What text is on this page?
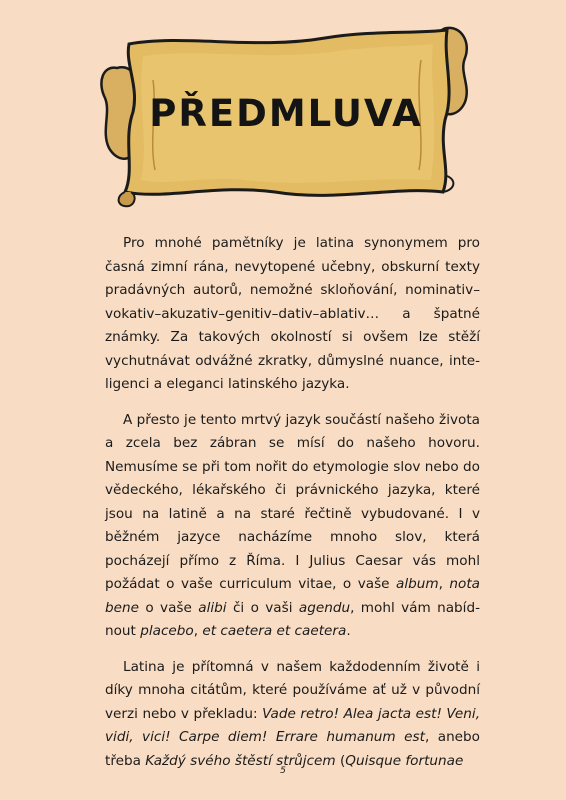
PŘEDMLUVA

Pro mnohé pamětníky je latina synonymem pro časná zimní rána, nevytopené učebny, obskurní texty pradávných autorů, nemožné skloňování, nominativ–vokativ–akuzativ–genitiv–dativ–ablativ… a špatné známky. Za takových okolností si ovšem lze stěží vychutnávat odvážné zkratky, důmyslné nuance, inteligenci a eleganci latinského jazyka.

A přesto je tento mrtvý jazyk součástí našeho života a zcela bez zábran se mísí do našeho hovoru. Nemusíme se při tom nořit do etymologie slov nebo do vědeckého, lékařského či právnického jazyka, které jsou na latině a na staré řečtině vybudované. I v běžném jazyce nacházíme mnoho slov, která pocházejí přímo z Říma. I Julius Caesar vás mohl požádat o vaše curriculum vitae, o vaše album, nota bene o vaše alibi či o vaši agendu, mohl vám nabídnout placebo, et caetera et caetera.

Latina je přítomná v našem každodenním životě i díky mnoha citátům, které používáme ať už v původní verzi nebo v překladu: Vade retro! Alea jacta est! Veni, vidi, vici! Carpe diem! Errare humanum est, anebo třeba Každý svého štěstí strůjcem (Quisque fortunae

5
